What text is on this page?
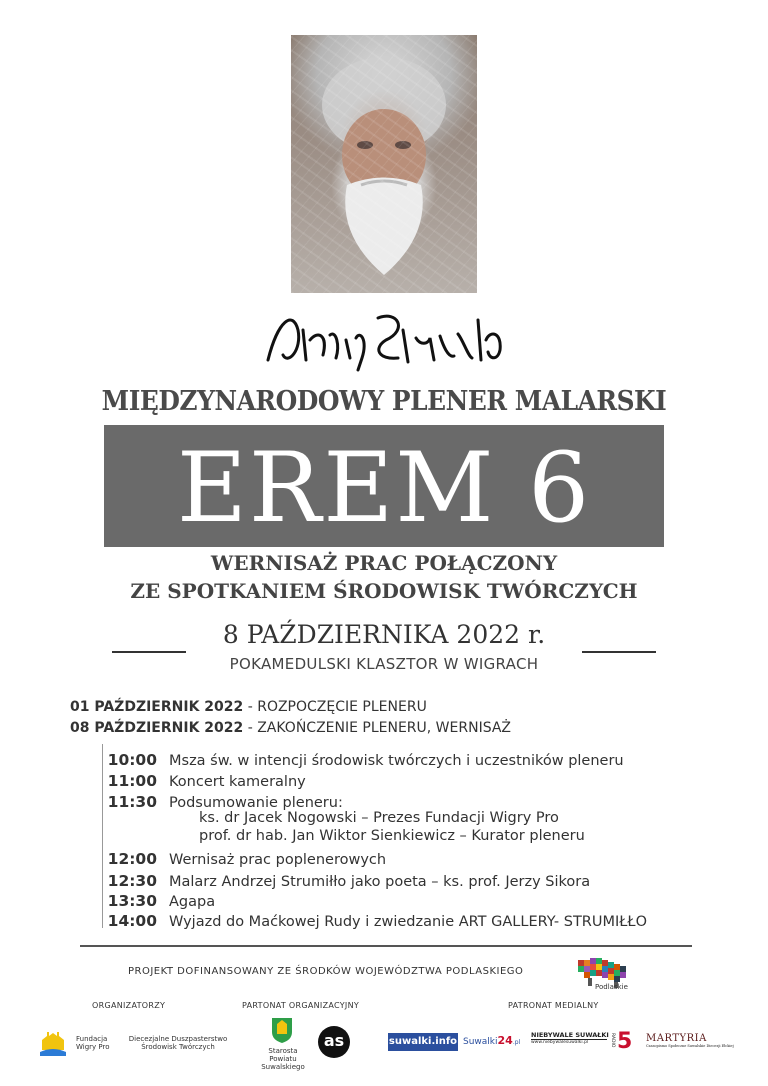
MIĘDZYNARODOWY PLENER MALARSKI
EREM 6
WERNISAŻ PRAC POŁĄCZONY
ZE SPOTKANIEM ŚRODOWISK TWÓRCZYCH
8 PAŹDZIERNIKA 2022 r.
POKAMEDULSKI KLASZTOR W WIGRACH
01 PAŹDZIERNIK 2022 - ROZPOCZĘCIE PLENERU
08 PAŹDZIERNIK 2022 - ZAKOŃCZENIE PLENERU, WERNISAŻ
10:00 Msza św. w intencji środowisk twórczych i uczestników pleneru
11:00 Koncert kameralny
11:30 Podsumowanie pleneru:
ks. dr Jacek Nogowski – Prezes Fundacji Wigry Pro
prof. dr hab. Jan Wiktor Sienkiewicz – Kurator pleneru
12:00 Wernisaż prac poplenerowych
12:30 Malarz Andrzej Strumiłło jako poeta – ks. prof. Jerzy Sikora
13:30 Agapa
14:00 Wyjazd do Maćkowej Rudy i zwiedzanie ART GALLERY- STRUMIŁŁO
PROJEKT DOFINANSOWANY ZE ŚRODKÓW WOJEWÓDZTWA PODLASKIEGO
Podlaskie
ORGANIZATORZY	PARTONAT ORGANIZACYJNY	PATRONAT MEDIALNY
Fundacja
Wigry Pro
Diecezjalne Duszpasterstwo
Środowisk Twórczych	Starosta Powiatu
Suwalskiego
as	suwalki.info Suwalki24.pl
NIEBYWALE SUWAŁKI
www.niebywalesuwalki.pl	RADIO 5 MARTYRIA
Czasopismo Społeczne Suwalskie Diecezji Ełckiej
